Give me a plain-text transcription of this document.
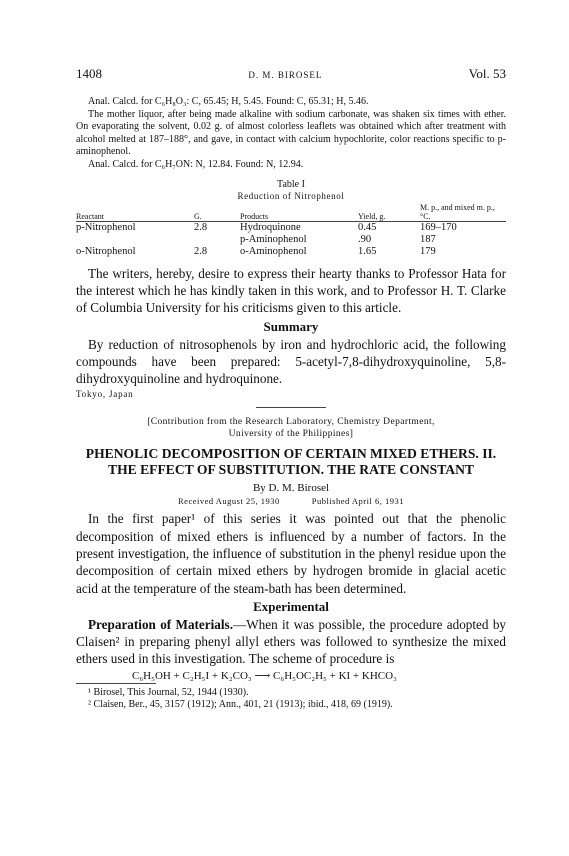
1408	D. M. BIROSEL	Vol. 53

Anal. Calcd. for C₆H₈O₃: C, 65.45; H, 5.45. Found: C, 65.31; H, 5.46.

The mother liquor, after being made alkaline with sodium carbonate, was shaken six times with ether. On evaporating the solvent, 0.02 g. of almost colorless leaflets was obtained which after treatment with alcohol melted at 187–188°, and gave, in contact with calcium hypochlorite, color reactions specific to p-aminophenol.

Anal. Calcd. for C₆H₇ON: N, 12.84. Found: N, 12.94.

Table I
Reduction of Nitrophenol
Reactant	G.	Products	Yield, g.	M. p., and mixed m. p., °C.
p-Nitrophenol	2.8	Hydroquinone	0.45	169–170
		p-Aminophenol	.90	187
o-Nitrophenol	2.8	o-Aminophenol	1.65	179

The writers, hereby, desire to express their hearty thanks to Professor Hata for the interest which he has kindly taken in this work, and to Professor H. T. Clarke of Columbia University for his criticisms given to this article.

Summary

By reduction of nitrosophenols by iron and hydrochloric acid, the following compounds have been prepared: 5-acetyl-7,8-dihydroxyquinoline, 5,8-dihydroxyquinoline and hydroquinone.

Tokyo, Japan
[Contribution from the Research Laboratory, Chemistry Department,
University of the Philippines]
PHENOLIC DECOMPOSITION OF CERTAIN MIXED ETHERS. II.
THE EFFECT OF SUBSTITUTION. THE RATE CONSTANT
By D. M. Birosel
Received August 25, 1930	Published April 6, 1931

In the first paper¹ of this series it was pointed out that the phenolic decomposition of mixed ethers is influenced by a number of factors. In the present investigation, the influence of substitution in the phenyl residue upon the decomposition of certain mixed ethers by hydrogen bromide in glacial acetic acid at the temperature of the steam-bath has been determined.

Experimental

Preparation of Materials.—When it was possible, the procedure adopted by Claisen² in preparing phenyl allyl ethers was followed to synthesize the mixed ethers used in this investigation. The scheme of procedure is

C₆H₅OH + C₂H₅I + K₂CO₃ ⟶ C₆H₅OC₂H₅ + KI + KHCO₃

¹ Birosel, This Journal, 52, 1944 (1930).

² Claisen, Ber., 45, 3157 (1912); Ann., 401, 21 (1913); ibid., 418, 69 (1919).
